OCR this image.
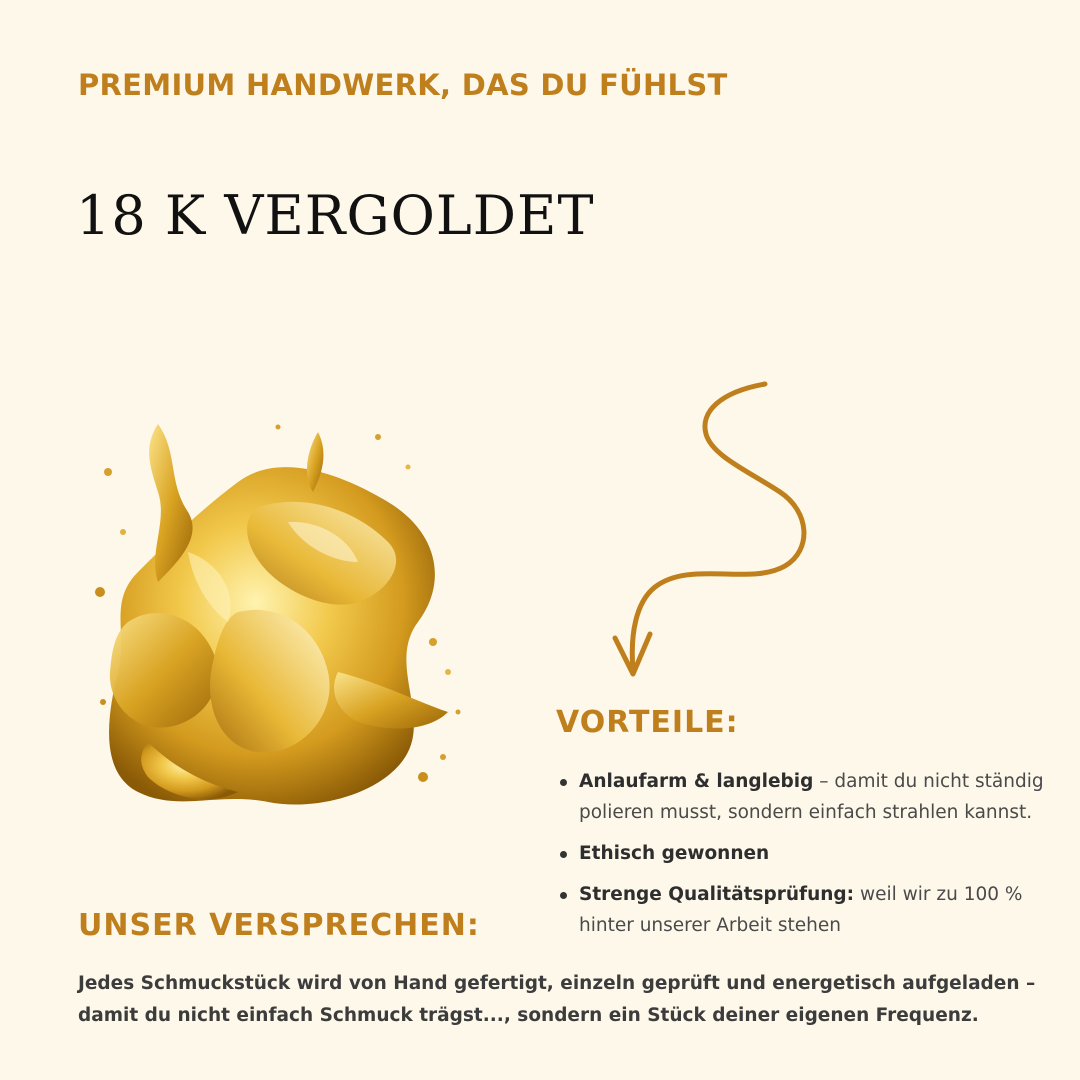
PREMIUM HANDWERK, DAS DU FÜHLST
18 K VERGOLDET
VORTEILE:
Anlaufarm & langlebig – damit du nicht ständig polieren musst, sondern einfach strahlen kannst.
Ethisch gewonnen
Strenge Qualitätsprüfung: weil wir zu 100 % hinter unserer Arbeit stehen
UNSER VERSPRECHEN:

Jedes Schmuckstück wird von Hand gefertigt, einzeln geprüft und energetisch aufgeladen – damit du nicht einfach Schmuck trägst..., sondern ein Stück deiner eigenen Frequenz.
